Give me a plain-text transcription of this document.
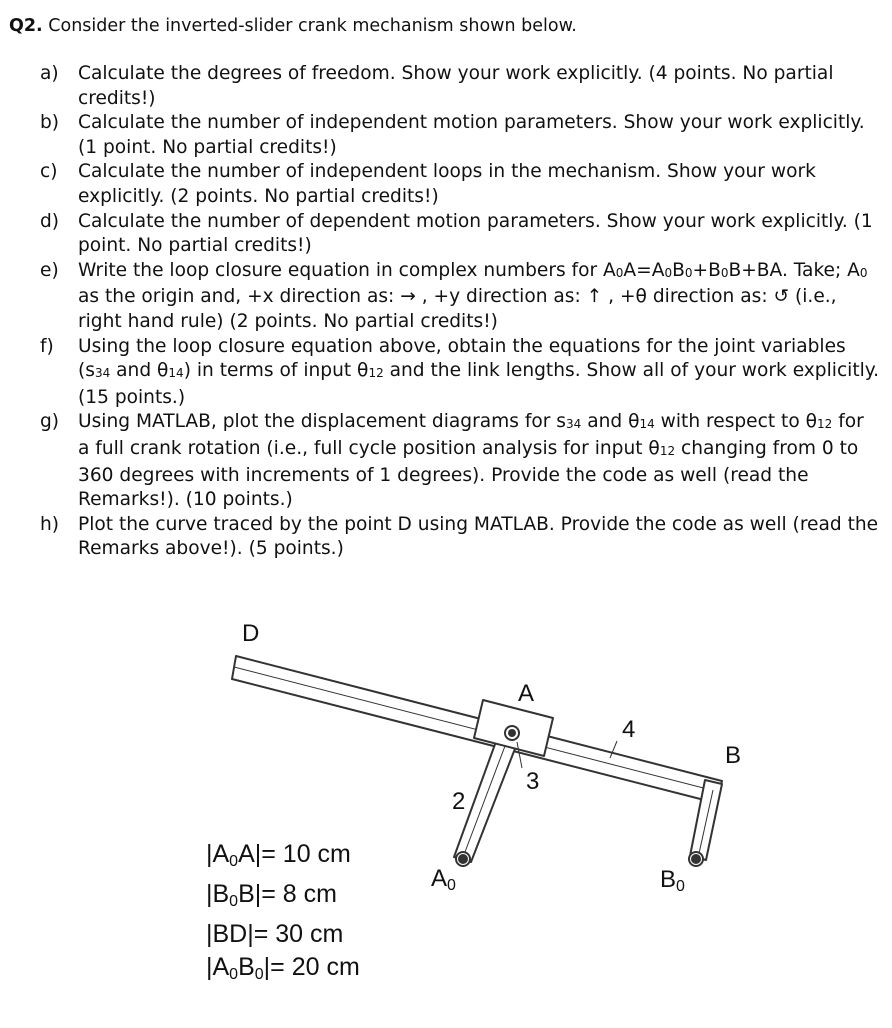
Q2. Consider the inverted-slider crank mechanism shown below.
a) Calculate the degrees of freedom. Show your work explicitly. (4 points. No partial credits!)
b) Calculate the number of independent motion parameters. Show your work explicitly. (1 point. No partial credits!)
c) Calculate the number of independent loops in the mechanism. Show your work explicitly. (2 points. No partial credits!)
d) Calculate the number of dependent motion parameters. Show your work explicitly. (1 point. No partial credits!)
e) Write the loop closure equation in complex numbers for $A_0A=A_0B_0+B_0B+BA$. Take; $A_0$ as the origin and, +x direction as: → , +y direction as: ↑ , +θ direction as: ↺ (i.e., right hand rule) (2 points. No partial credits!)
f) Using the loop closure equation above, obtain the equations for the joint variables ($s_{34}$ and $\theta_{14}$) in terms of input $\theta_{12}$ and the link lengths. Show all of your work explicitly. (15 points.)
g) Using MATLAB, plot the displacement diagrams for $s_{34}$ and $\theta_{14}$ with respect to $\theta_{12}$ for a full crank rotation (i.e., full cycle position analysis for input $\theta_{12}$ changing from 0 to 360 degrees with increments of 1 degrees). Provide the code as well (read the Remarks!). (10 points.)
h) Plot the curve traced by the point D using MATLAB. Provide the code as well (read the Remarks above!). (5 points.)
D
A
B
4
3
2
$A_0$	$B_0$
$|A_0A|= 10$ cm
$|B_0B|= 8$ cm
|BD|= 30 cm
$|A_0B_0|= 20$ cm
